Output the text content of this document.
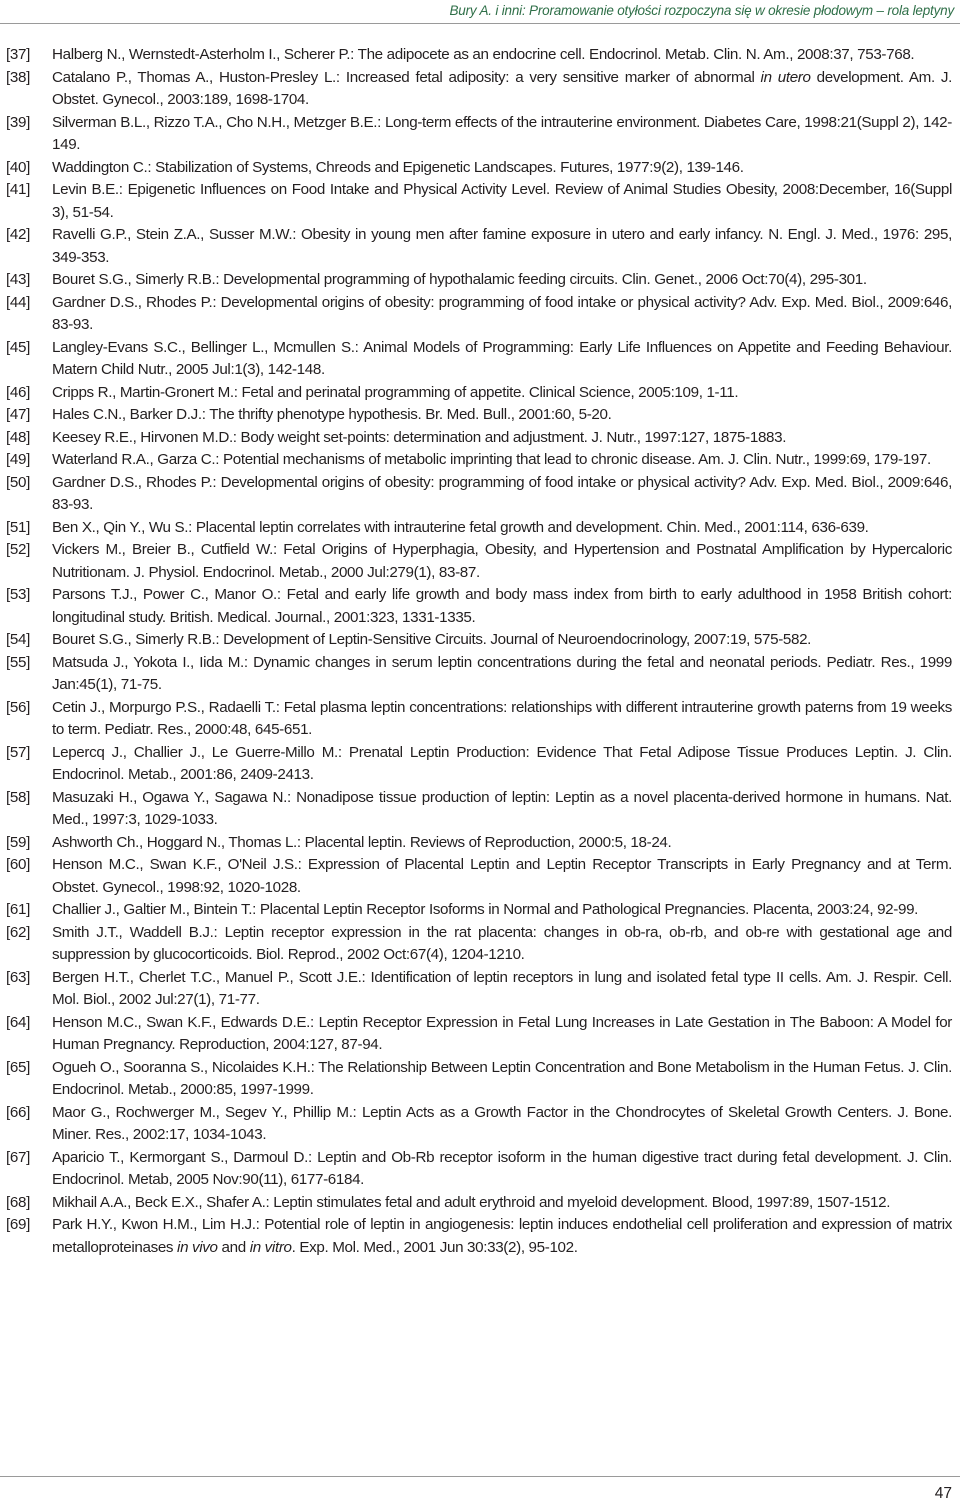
Bury A. i inni: Proramowanie otyłości rozpoczyna się w okresie płodowym – rola leptyny

[37] Halberg N., Wernstedt-Asterholm I., Scherer P.: The adipocete as an endocrine cell. Endocrinol. Metab. Clin. N. Am., 2008:37, 753-768.

[38] Catalano P., Thomas A., Huston-Presley L.: Increased fetal adiposity: a very sensitive marker of abnormal in utero development. Am. J. Obstet. Gynecol., 2003:189, 1698-1704.

[39] Silverman B.L., Rizzo T.A., Cho N.H., Metzger B.E.: Long-term effects of the intrauterine environment. Diabetes Care, 1998:21(Suppl 2), 142-149.

[40] Waddington C.: Stabilization of Systems, Chreods and Epigenetic Landscapes. Futures, 1977:9(2), 139-146.

[41] Levin B.E.: Epigenetic Influences on Food Intake and Physical Activity Level. Review of Animal Studies Obesity, 2008:December, 16(Suppl 3), 51-54.

[42] Ravelli G.P., Stein Z.A., Susser M.W.: Obesity in young men after famine exposure in utero and early infancy. N. Engl. J. Med., 1976: 295, 349-353.

[43] Bouret S.G., Simerly R.B.: Developmental programming of hypothalamic feeding circuits. Clin. Genet., 2006 Oct:70(4), 295-301.

[44] Gardner D.S., Rhodes P.: Developmental origins of obesity: programming of food intake or physical activity? Adv. Exp. Med. Biol., 2009:646, 83-93.

[45] Langley-Evans S.C., Bellinger L., Mcmullen S.: Animal Models of Programming: Early Life Influences on Appetite and Feeding Behaviour. Matern Child Nutr., 2005 Jul:1(3), 142-148.

[46] Cripps R., Martin-Gronert M.: Fetal and perinatal programming of appetite. Clinical Science, 2005:109, 1-11.

[47] Hales C.N., Barker D.J.: The thrifty phenotype hypothesis. Br. Med. Bull., 2001:60, 5-20.

[48] Keesey R.E., Hirvonen M.D.: Body weight set-points: determination and adjustment. J. Nutr., 1997:127, 1875-1883.

[49] Waterland R.A., Garza C.: Potential mechanisms of metabolic imprinting that lead to chronic disease. Am. J. Clin. Nutr., 1999:69, 179-197.

[50] Gardner D.S., Rhodes P.: Developmental origins of obesity: programming of food intake or physical activity? Adv. Exp. Med. Biol., 2009:646, 83-93.

[51] Ben X., Qin Y., Wu S.: Placental leptin correlates with intrauterine fetal growth and development. Chin. Med., 2001:114, 636-639.

[52] Vickers M., Breier B., Cutfield W.: Fetal Origins of Hyperphagia, Obesity, and Hypertension and Postnatal Amplification by Hypercaloric Nutritionam. J. Physiol. Endocrinol. Metab., 2000 Jul:279(1), 83-87.

[53] Parsons T.J., Power C., Manor O.: Fetal and early life growth and body mass index from birth to early adulthood in 1958 British cohort: longitudinal study. British. Medical. Journal., 2001:323, 1331-1335.

[54] Bouret S.G., Simerly R.B.: Development of Leptin-Sensitive Circuits. Journal of Neuroendocrinology, 2007:19, 575-582.

[55] Matsuda J., Yokota I., Iida M.: Dynamic changes in serum leptin concentrations during the fetal and neonatal periods. Pediatr. Res., 1999 Jan:45(1), 71-75.

[56] Cetin J., Morpurgo P.S., Radaelli T.: Fetal plasma leptin concentrations: relationships with different intrauterine growth paterns from 19 weeks to term. Pediatr. Res., 2000:48, 645-651.

[57] Lepercq J., Challier J., Le Guerre-Millo M.: Prenatal Leptin Production: Evidence That Fetal Adipose Tissue Produces Leptin. J. Clin. Endocrinol. Metab., 2001:86, 2409-2413.

[58] Masuzaki H., Ogawa Y., Sagawa N.: Nonadipose tissue production of leptin: Leptin as a novel placenta-derived hormone in humans. Nat. Med., 1997:3, 1029-1033.

[59] Ashworth Ch., Hoggard N., Thomas L.: Placental leptin. Reviews of Reproduction, 2000:5, 18-24.

[60] Henson M.C., Swan K.F., O'Neil J.S.: Expression of Placental Leptin and Leptin Receptor Transcripts in Early Pregnancy and at Term. Obstet. Gynecol., 1998:92, 1020-1028.

[61] Challier J., Galtier M., Bintein T.: Placental Leptin Receptor Isoforms in Normal and Pathological Pregnancies. Placenta, 2003:24, 92-99.

[62] Smith J.T., Waddell B.J.: Leptin receptor expression in the rat placenta: changes in ob-ra, ob-rb, and ob-re with gestational age and suppression by glucocorticoids. Biol. Reprod., 2002 Oct:67(4), 1204-1210.

[63] Bergen H.T., Cherlet T.C., Manuel P., Scott J.E.: Identification of leptin receptors in lung and isolated fetal type II cells. Am. J. Respir. Cell. Mol. Biol., 2002 Jul:27(1), 71-77.

[64] Henson M.C., Swan K.F., Edwards D.E.: Leptin Receptor Expression in Fetal Lung Increases in Late Gestation in The Baboon: A Model for Human Pregnancy. Reproduction, 2004:127, 87-94.

[65] Ogueh O., Sooranna S., Nicolaides K.H.: The Relationship Between Leptin Concentration and Bone Metabolism in the Human Fetus. J. Clin. Endocrinol. Metab., 2000:85, 1997-1999.

[66] Maor G., Rochwerger M., Segev Y., Phillip M.: Leptin Acts as a Growth Factor in the Chondrocytes of Skeletal Growth Centers. J. Bone. Miner. Res., 2002:17, 1034-1043.

[67] Aparicio T., Kermorgant S., Darmoul D.: Leptin and Ob-Rb receptor isoform in the human digestive tract during fetal development. J. Clin. Endocrinol. Metab, 2005 Nov:90(11), 6177-6184.

[68] Mikhail A.A., Beck E.X., Shafer A.: Leptin stimulates fetal and adult erythroid and myeloid development. Blood, 1997:89, 1507-1512.

[69] Park H.Y., Kwon H.M., Lim H.J.: Potential role of leptin in angiogenesis: leptin induces endothelial cell proliferation and expression of matrix metalloproteinases in vivo and in vitro. Exp. Mol. Med., 2001 Jun 30:33(2), 95-102.

47
